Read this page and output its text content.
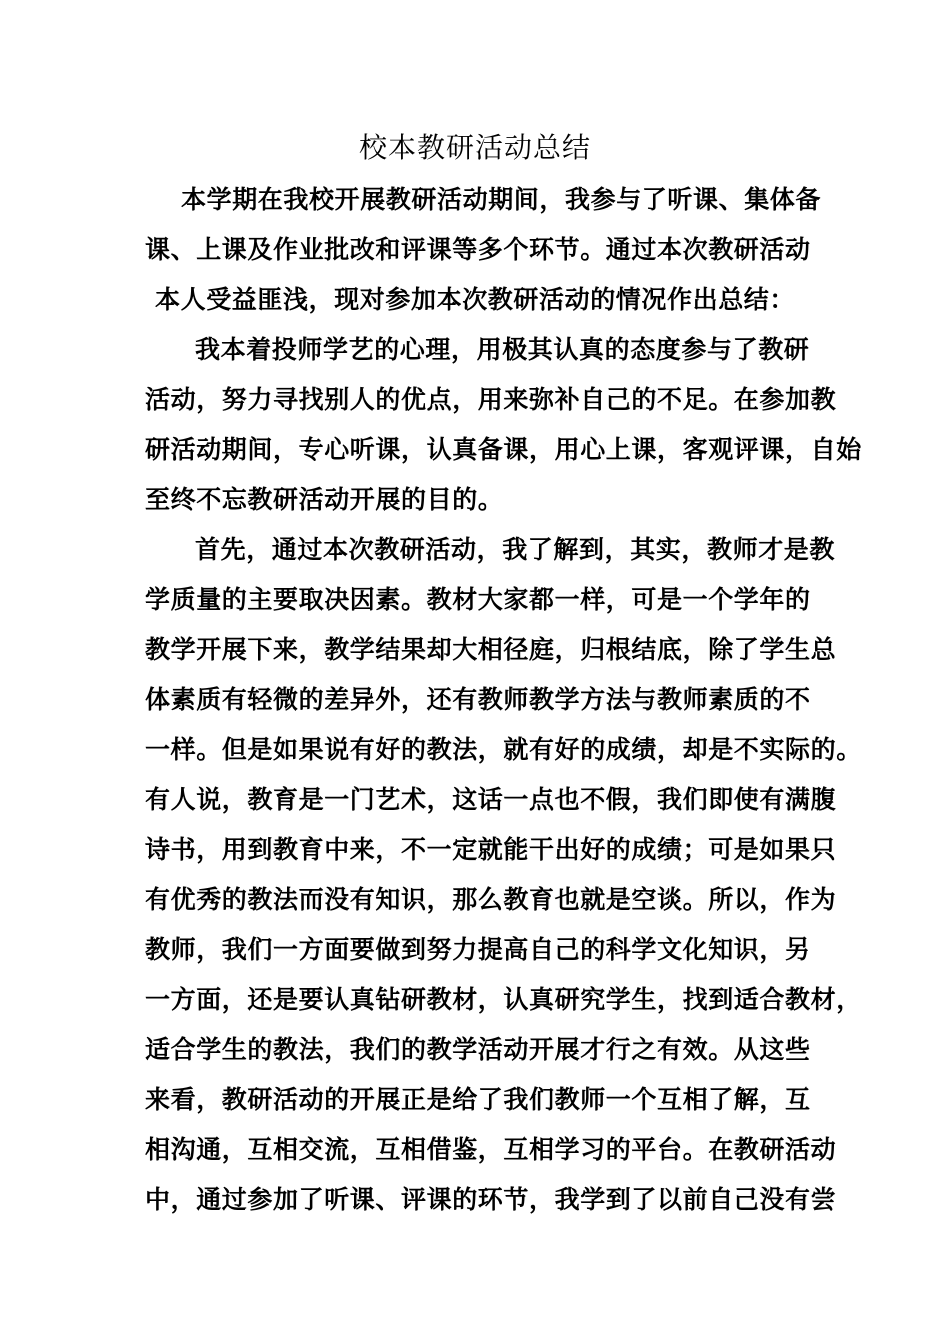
校本教研活动总结
本学期在我校开展教研活动期间，我参与了听课、集体备
课、上课及作业批改和评课等多个环节。通过本次教研活动
本人受益匪浅，现对参加本次教研活动的情况作出总结：
我本着投师学艺的心理，用极其认真的态度参与了教研
活动，努力寻找别人的优点，用来弥补自己的不足。在参加教
研活动期间，专心听课，认真备课，用心上课，客观评课，自始
至终不忘教研活动开展的目的。
首先，通过本次教研活动，我了解到，其实，教师才是教
学质量的主要取决因素。教材大家都一样，可是一个学年的
教学开展下来，教学结果却大相径庭，归根结底，除了学生总
体素质有轻微的差异外，还有教师教学方法与教师素质的不
一样。但是如果说有好的教法，就有好的成绩，却是不实际的。
有人说，教育是一门艺术，这话一点也不假，我们即使有满腹
诗书，用到教育中来，不一定就能干出好的成绩；可是如果只
有优秀的教法而没有知识，那么教育也就是空谈。所以，作为
教师，我们一方面要做到努力提高自己的科学文化知识，另
一方面，还是要认真钻研教材，认真研究学生，找到适合教材，
适合学生的教法，我们的教学活动开展才行之有效。从这些
来看，教研活动的开展正是给了我们教师一个互相了解，互
相沟通，互相交流，互相借鉴，互相学习的平台。在教研活动
中，通过参加了听课、评课的环节，我学到了以前自己没有尝
